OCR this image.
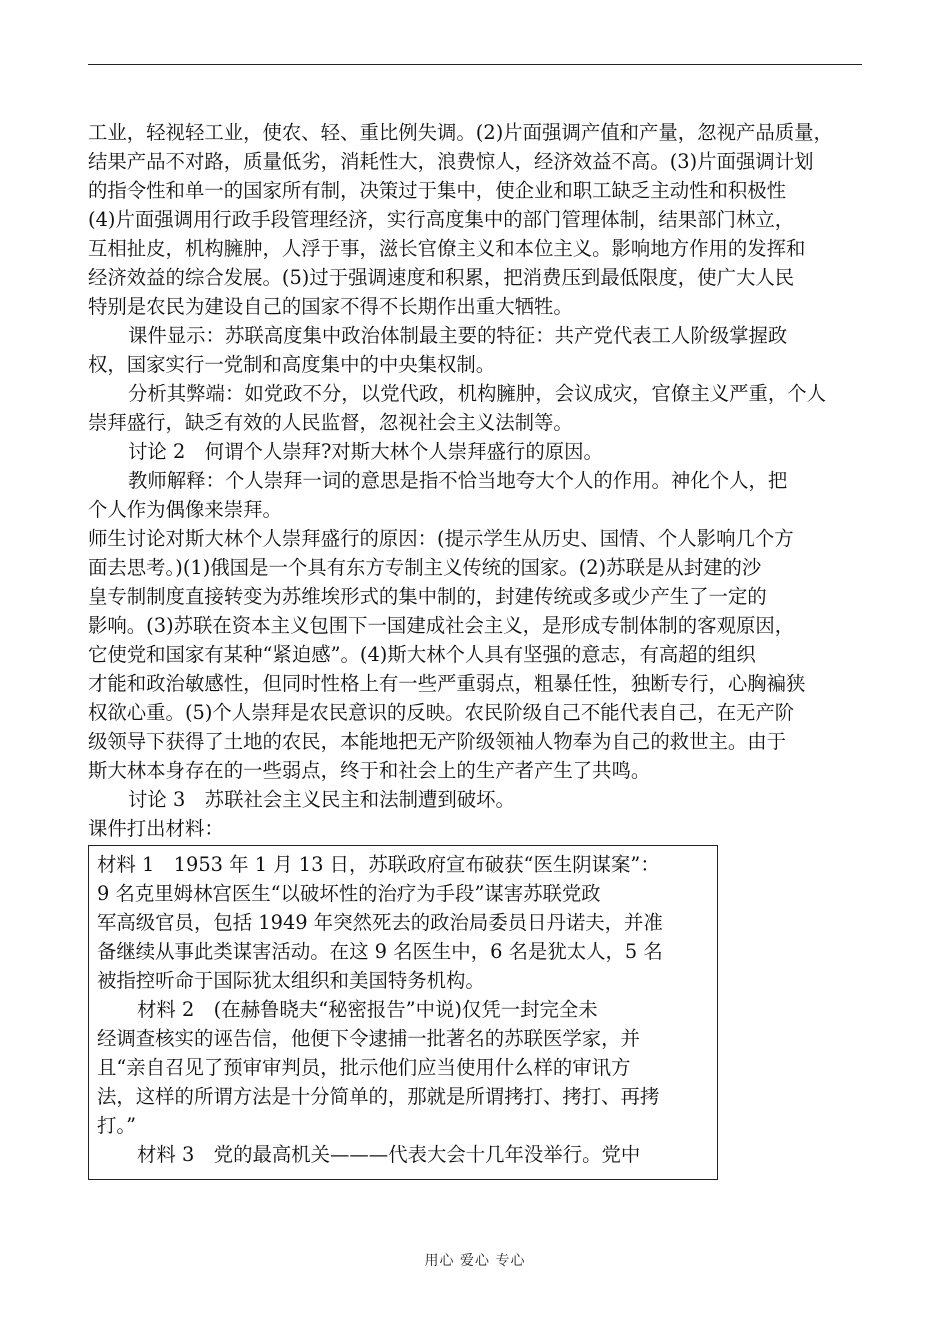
工业，轻视轻工业，使农、轻、重比例失调。(2)片面强调产值和产量，忽视产品质量，
结果产品不对路，质量低劣，消耗性大，浪费惊人，经济效益不高。(3)片面强调计划
的指令性和单一的国家所有制，决策过于集中，使企业和职工缺乏主动性和积极性
(4)片面强调用行政手段管理经济，实行高度集中的部门管理体制，结果部门林立，
互相扯皮，机构臃肿，人浮于事，滋长官僚主义和本位主义。影响地方作用的发挥和
经济效益的综合发展。(5)过于强调速度和积累，把消费压到最低限度，使广大人民
特别是农民为建设自己的国家不得不长期作出重大牺牲。
课件显示：苏联高度集中政治体制最主要的特征：共产党代表工人阶级掌握政
权，国家实行一党制和高度集中的中央集权制。
分析其弊端：如党政不分，以党代政，机构臃肿，会议成灾，官僚主义严重，个人
崇拜盛行，缺乏有效的人民监督，忽视社会主义法制等。
讨论 2　何谓个人崇拜?对斯大林个人崇拜盛行的原因。
教师解释：个人崇拜一词的意思是指不恰当地夸大个人的作用。神化个人，把
个人作为偶像来崇拜。
师生讨论对斯大林个人崇拜盛行的原因：(提示学生从历史、国情、个人影响几个方
面去思考。)(1)俄国是一个具有东方专制主义传统的国家。(2)苏联是从封建的沙
皇专制制度直接转变为苏维埃形式的集中制的，封建传统或多或少产生了一定的
影响。(3)苏联在资本主义包围下一国建成社会主义，是形成专制体制的客观原因，
它使党和国家有某种“紧迫感”。(4)斯大林个人具有坚强的意志，有高超的组织
才能和政治敏感性，但同时性格上有一些严重弱点，粗暴任性，独断专行，心胸褊狭
权欲心重。(5)个人崇拜是农民意识的反映。农民阶级自己不能代表自己，在无产阶
级领导下获得了土地的农民，本能地把无产阶级领袖人物奉为自己的救世主。由于
斯大林本身存在的一些弱点，终于和社会上的生产者产生了共鸣。
讨论 3　苏联社会主义民主和法制遭到破坏。
课件打出材料：
材料 1　1953 年 1 月 13 日，苏联政府宣布破获“医生阴谋案”：
9 名克里姆林宫医生“以破坏性的治疗为手段”谋害苏联党政
军高级官员，包括 1949 年突然死去的政治局委员日丹诺夫，并准
备继续从事此类谋害活动。在这 9 名医生中，6 名是犹太人，5 名
被指控听命于国际犹太组织和美国特务机构。
材料 2　(在赫鲁晓夫“秘密报告”中说)仅凭一封完全未
经调查核实的诬告信，他便下令逮捕一批著名的苏联医学家，并
且“亲自召见了预审审判员，批示他们应当使用什么样的审讯方
法，这样的所谓方法是十分简单的，那就是所谓拷打、拷打、再拷
打。”
材料 3　党的最高机关———代表大会十几年没举行。党中
用心 爱心 专心
